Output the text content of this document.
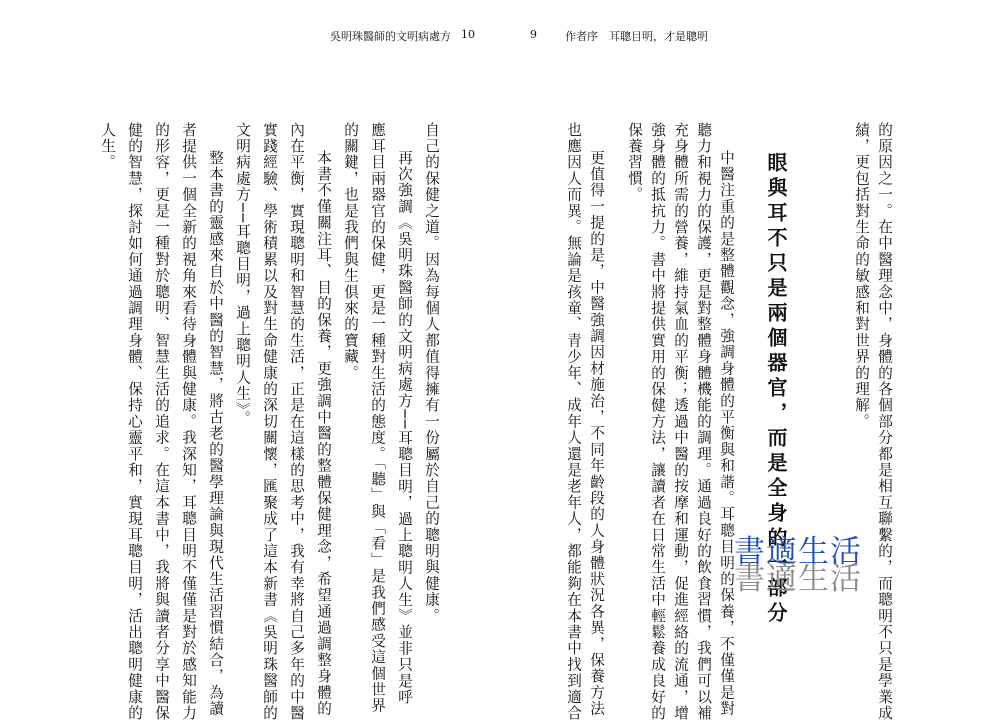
吳明珠醫師的文明病處方 10	9	作者序　耳聰目明，才是聰明
的原因之一。在中醫理念中，身體的各個部分都是相互聯繫的，而聰明不只是學業成
績，更包括對生命的敏感和對世界的理解。
眼與耳不只是兩個器官，而是全身的一部分
中醫注重的是整體觀念，強調身體的平衡與和諧。耳聰目明的保養，不僅僅是對
聽力和視力的保護，更是對整體身體機能的調理。通過良好的飲食習慣，我們可以補
充身體所需的營養，維持氣血的平衡；透過中醫的按摩和運動，促進經絡的流通，增
強身體的抵抗力。書中將提供實用的保健方法，讓讀者在日常生活中輕鬆養成良好的
保養習慣。
更值得一提的是，中醫強調因材施治，不同年齡段的人身體狀況各異，保養方法
也應因人而異。無論是孩童、青少年、成年人還是老年人，都能夠在本書中找到適合
自己的保健之道。因為每個人都值得擁有一份屬於自己的聰明與健康。
再次強調《吳明珠醫師的文明病處方──耳聰目明，過上聰明人生》並非只是呼
應耳目兩器官的保健，更是一種對生活的態度。「聽」與「看」是我們感受這個世界
的關鍵，也是我們與生俱來的寶藏。
本書不僅關注耳、目的保養，更強調中醫的整體保健理念，希望通過調整身體的
內在平衡，實現聰明和智慧的生活，正是在這樣的思考中，我有幸將自己多年的中醫
實踐經驗、學術積累以及對生命健康的深切關懷，匯聚成了這本新書《吳明珠醫師的
文明病處方──耳聰目明，過上聰明人生》。
整本書的靈感來自於中醫的智慧，將古老的醫學理論與現代生活習慣結合，為讀
者提供一個全新的視角來看待身體與健康。我深知，耳聰目明不僅僅是對於感知能力
的形容，更是一種對於聰明、智慧生活的追求。在這本書中，我將與讀者分享中醫保
健的智慧，探討如何通過調理身體、保持心靈平和，實現耳聰目明，活出聰明健康的
人生。
書適生活
書適生活
